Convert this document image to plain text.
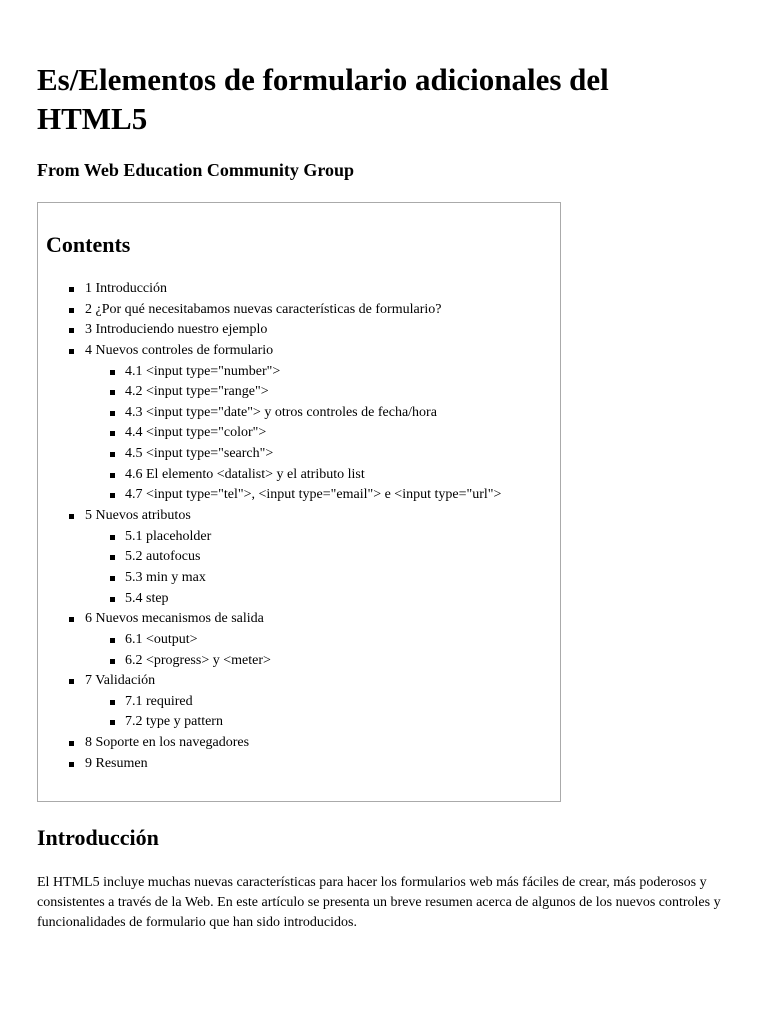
Es/Elementos de formulario adicionales del HTML5
From Web Education Community Group
Contents
1 Introducción
2 ¿Por qué necesitabamos nuevas características de formulario?
3 Introduciendo nuestro ejemplo
4 Nuevos controles de formulario
4.1 <input type="number">
4.2 <input type="range">
4.3 <input type="date"> y otros controles de fecha/hora
4.4 <input type="color">
4.5 <input type="search">
4.6 El elemento <datalist> y el atributo list
4.7 <input type="tel">, <input type="email"> e <input type="url">
5 Nuevos atributos
5.1 placeholder
5.2 autofocus
5.3 min y max
5.4 step
6 Nuevos mecanismos de salida
6.1 <output>
6.2 <progress> y <meter>
7 Validación
7.1 required
7.2 type y pattern
8 Soporte en los navegadores
9 Resumen
Introducción

El HTML5 incluye muchas nuevas características para hacer los formularios web más fáciles de crear, más poderosos y consistentes a través de la Web. En este artículo se presenta un breve resumen acerca de algunos de los nuevos controles y funcionalidades de formulario que han sido introducidos.
